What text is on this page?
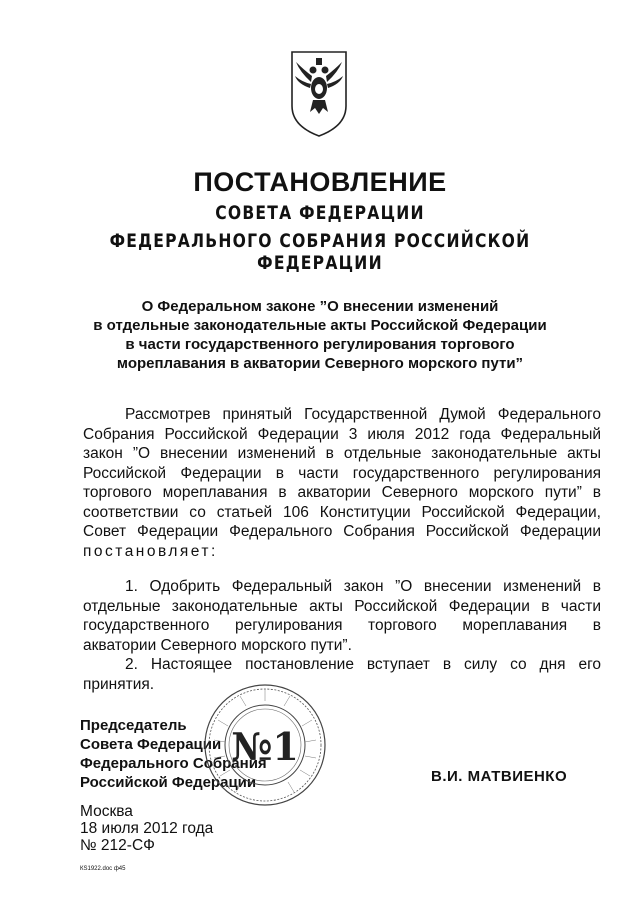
ПОСТАНОВЛЕНИЕ
СОВЕТА ФЕДЕРАЦИИ
ФЕДЕРАЛЬНОГО СОБРАНИЯ РОССИЙСКОЙ ФЕДЕРАЦИИ
О Федеральном законе ”О внесении изменений
в отдельные законодательные акты Российской Федерации
в части государственного регулирования торгового
мореплавания в акватории Северного морского пути”
Рассмотрев принятый Государственной Думой Федерального
Собрания Российской Федерации 3 июля 2012 года Федеральный
закон ”О внесении изменений в отдельные законодательные акты
Российской Федерации в части государственного регулирования
торгового мореплавания в акватории Северного морского пути” в
соответствии со статьей 106 Конституции Российской Федерации,
Совет Федерации Федерального Собрания Российской Федерации
постановляет:
1. Одобрить Федеральный закон ”О внесении изменений в
отдельные законодательные акты Российской Федерации в части
государственного регулирования торгового мореплавания в
акватории Северного морского пути”.
2. Настоящее постановление вступает в силу со дня его
принятия.
Председатель
Совета Федерации
Федерального Собрания
Российской Федерации
№1
В.И. МАТВИЕНКО
Москва
18 июля 2012 года
№ 212-СФ
КS1922.doc ф45
